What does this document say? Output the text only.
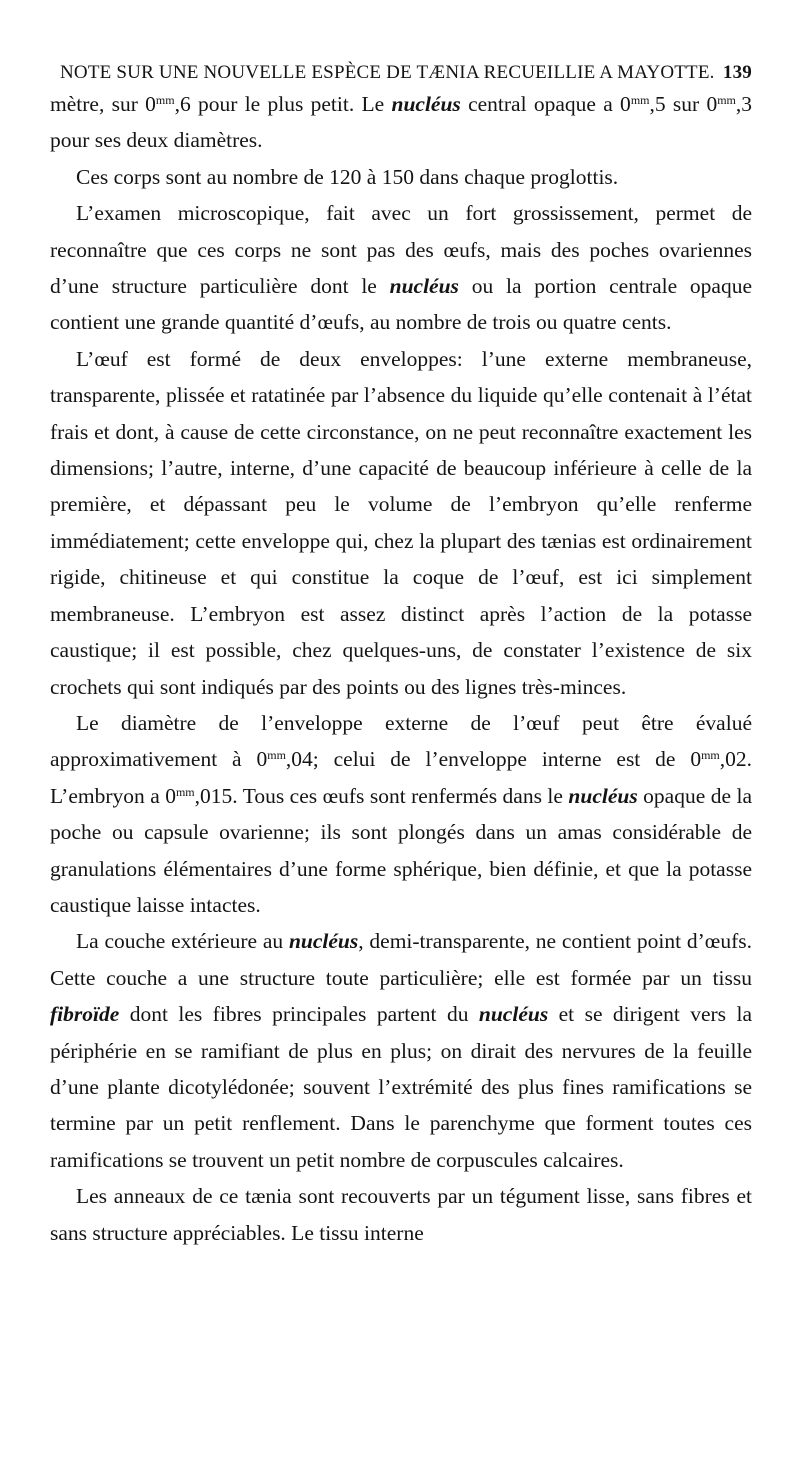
NOTE SUR UNE NOUVELLE ESPÈCE DE TÆNIA RECUEILLIE A MAYOTTE. 139

mètre, sur $0^{mm},6$ pour le plus petit. Le nucléus central opaque a $0^{mm},5$ sur $0^{mm},3$ pour ses deux diamètres.

Ces corps sont au nombre de 120 à 150 dans chaque proglottis.

L’examen microscopique, fait avec un fort grossissement, permet de reconnaître que ces corps ne sont pas des œufs, mais des poches ovariennes d’une structure particulière dont le nucléus ou la portion centrale opaque contient une grande quantité d’œufs, au nombre de trois ou quatre cents.

L’œuf est formé de deux enveloppes: l’une externe membraneuse, transparente, plissée et ratatinée par l’absence du liquide qu’elle contenait à l’état frais et dont, à cause de cette circonstance, on ne peut reconnaître exactement les dimensions; l’autre, interne, d’une capacité de beaucoup inférieure à celle de la première, et dépassant peu le volume de l’embryon qu’elle renferme immédiatement; cette enveloppe qui, chez la plupart des tænias est ordinairement rigide, chitineuse et qui constitue la coque de l’œuf, est ici simplement membraneuse. L’embryon est assez distinct après l’action de la potasse caustique; il est possible, chez quelques-uns, de constater l’existence de six crochets qui sont indiqués par des points ou des lignes très-minces.

Le diamètre de l’enveloppe externe de l’œuf peut être évalué approximativement à $0^{mm},04$; celui de l’enveloppe interne est de $0^{mm},02$. L’embryon a $0^{mm},015$. Tous ces œufs sont renfermés dans le nucléus opaque de la poche ou capsule ovarienne; ils sont plongés dans un amas considérable de granulations élémentaires d’une forme sphérique, bien définie, et que la potasse caustique laisse intactes.

La couche extérieure au nucléus, demi-transparente, ne contient point d’œufs. Cette couche a une structure toute particulière; elle est formée par un tissu fibroïde dont les fibres principales partent du nucléus et se dirigent vers la périphérie en se ramifiant de plus en plus; on dirait des nervures de la feuille d’une plante dicotylédonée; souvent l’extrémité des plus fines ramifications se termine par un petit renflement. Dans le parenchyme que forment toutes ces ramifications se trouvent un petit nombre de corpuscules calcaires.

Les anneaux de ce tænia sont recouverts par un tégument lisse, sans fibres et sans structure appréciables. Le tissu interne
